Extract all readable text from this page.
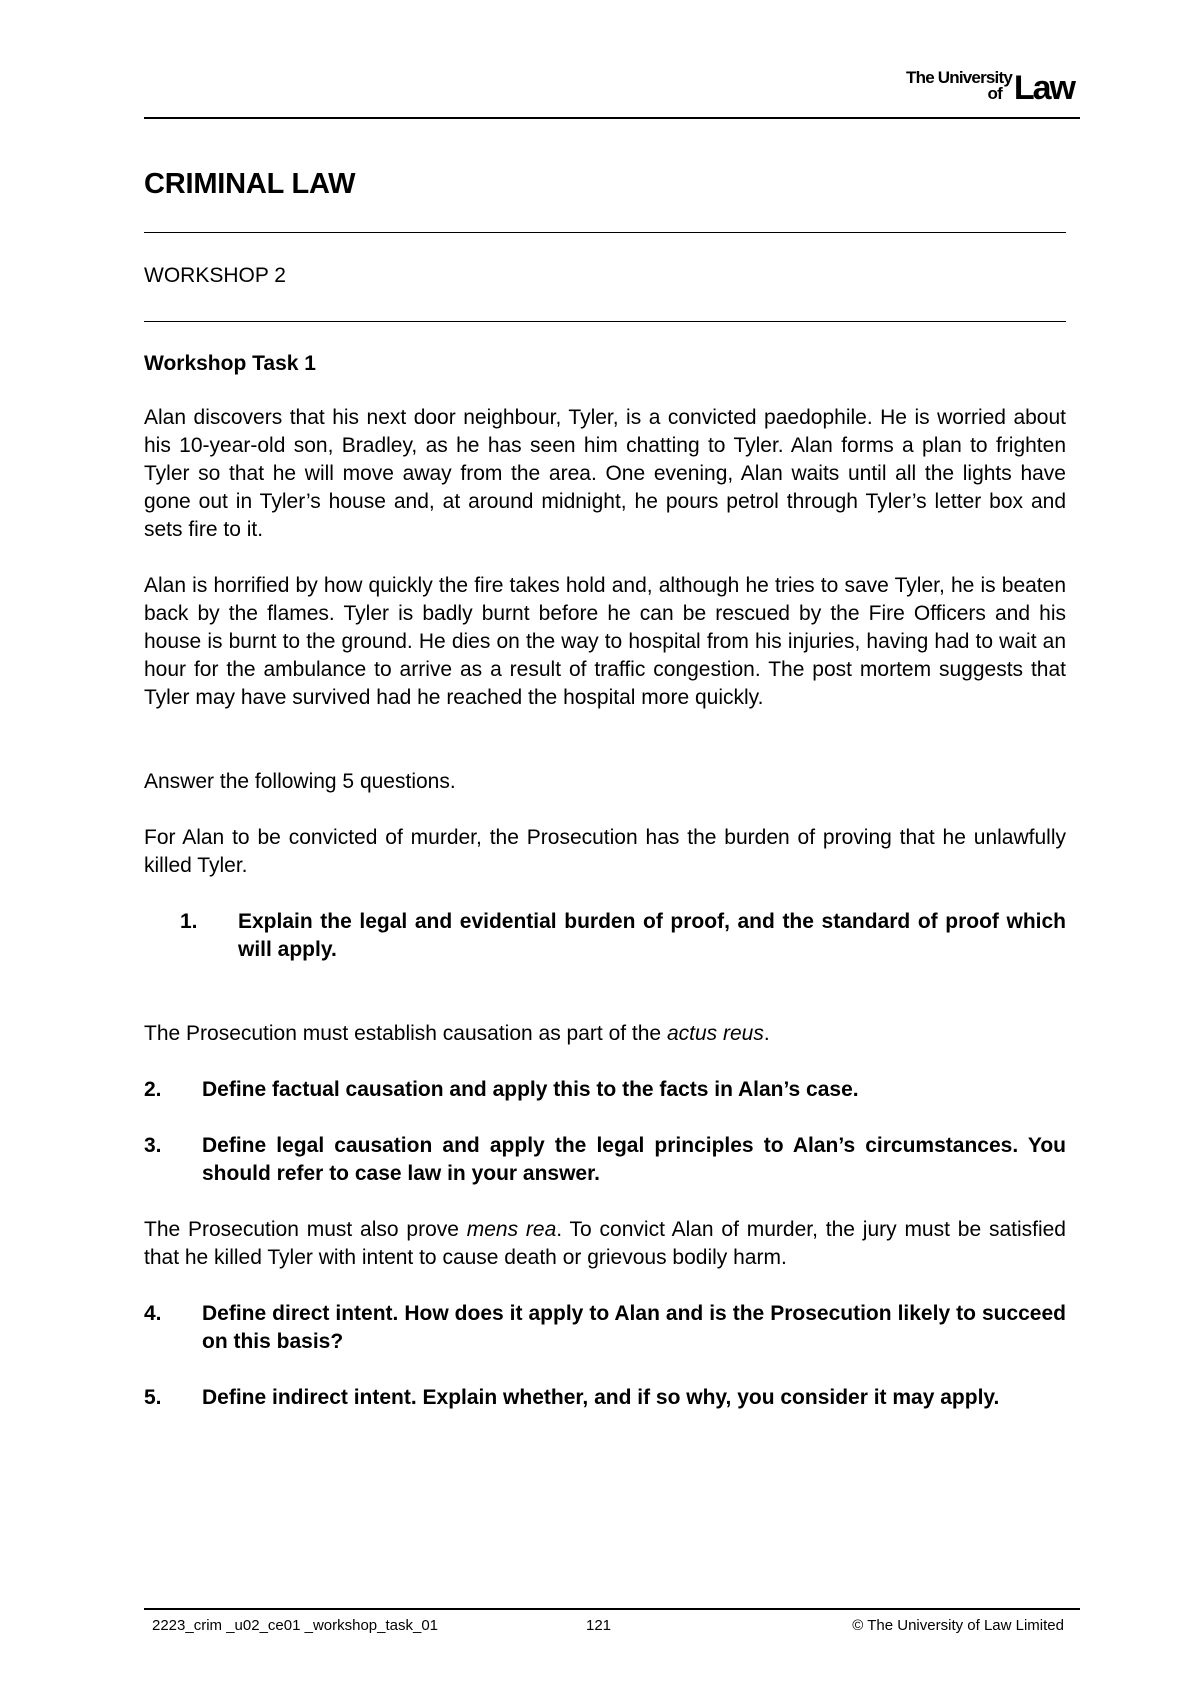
The University
of Law
CRIMINAL LAW
WORKSHOP 2
Workshop Task 1

Alan discovers that his next door neighbour, Tyler, is a convicted paedophile. He is worried about his 10-year-old son, Bradley, as he has seen him chatting to Tyler. Alan forms a plan to frighten Tyler so that he will move away from the area. One evening, Alan waits until all the lights have gone out in Tyler’s house and, at around midnight, he pours petrol through Tyler’s letter box and sets fire to it.

Alan is horrified by how quickly the fire takes hold and, although he tries to save Tyler, he is beaten back by the flames. Tyler is badly burnt before he can be rescued by the Fire Officers and his house is burnt to the ground. He dies on the way to hospital from his injuries, having had to wait an hour for the ambulance to arrive as a result of traffic congestion. The post mortem suggests that Tyler may have survived had he reached the hospital more quickly.

Answer the following 5 questions.

For Alan to be convicted of murder, the Prosecution has the burden of proving that he unlawfully killed Tyler.

1. Explain the legal and evidential burden of proof, and the standard of proof which will apply.

The Prosecution must establish causation as part of the actus reus.

2. Define factual causation and apply this to the facts in Alan’s case.
3. Define legal causation and apply the legal principles to Alan’s circumstances. You should refer to case law in your answer.

The Prosecution must also prove mens rea. To convict Alan of murder, the jury must be satisfied that he killed Tyler with intent to cause death or grievous bodily harm.

4. Define direct intent. How does it apply to Alan and is the Prosecution likely to succeed on this basis?
5. Define indirect intent. Explain whether, and if so why, you consider it may apply.
2223_crim _u02_ce01 _workshop_task_01	121	© The University of Law Limited
